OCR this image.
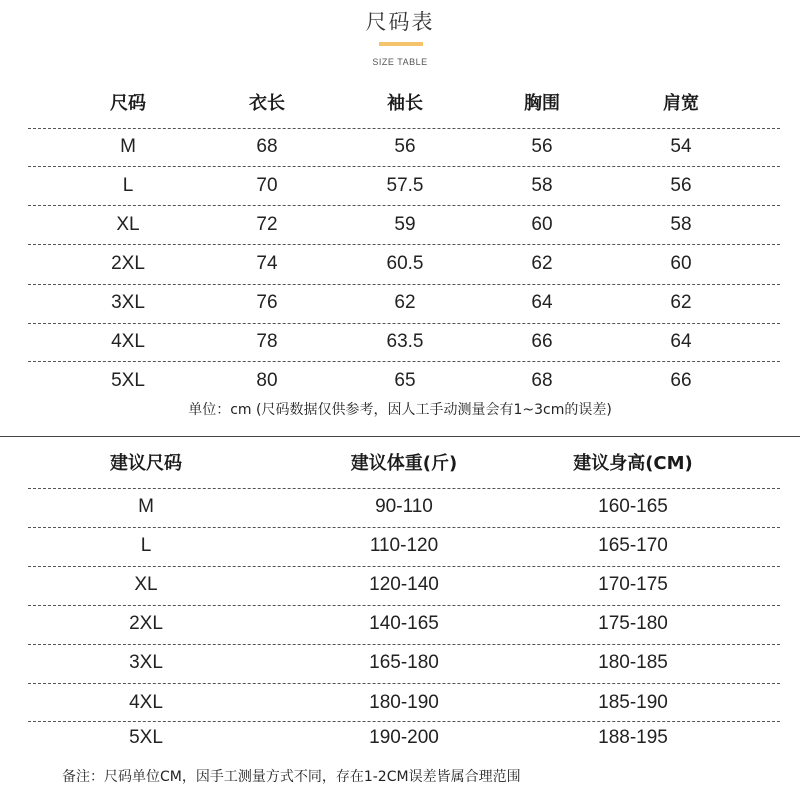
尺码表
SIZE TABLE
尺码	衣长	袖长	胸围	肩宽
M	68	56	56	54
L	70	57.5	58	56
XL	72	59	60	58
2XL	74	60.5	62	60
3XL	76	62	64	62
4XL	78	63.5	66	64
5XL	80	65	68	66
单位：cm (尺码数据仅供参考，因人工手动测量会有1~3cm的误差)
建议尺码	建议体重(斤)	建议身高(CM)
M	90-110	160-165
L	110-120	165-170
XL	120-140	170-175
2XL	140-165	175-180
3XL	165-180	180-185
4XL	180-190	185-190
5XL	190-200	188-195
备注：尺码单位CM，因手工测量方式不同，存在1-2CM误差皆属合理范围
